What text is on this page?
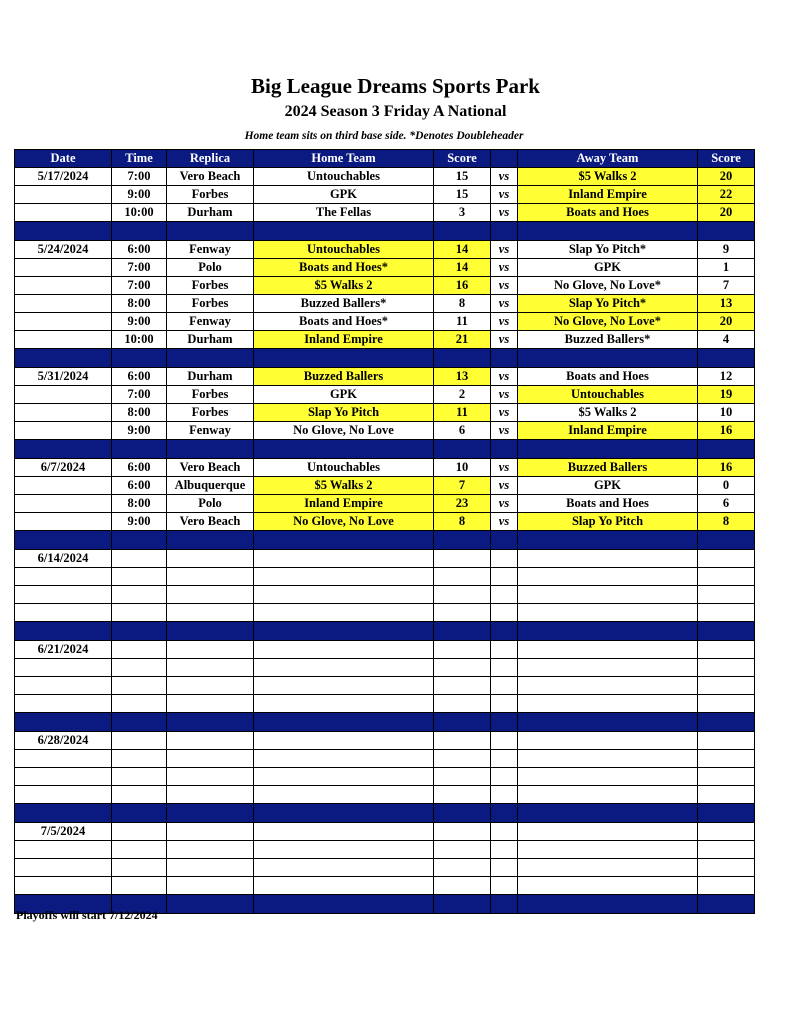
Big League Dreams Sports Park
2024 Season 3 Friday A National
Home team sits on third base side. *Denotes Doubleheader
Date	Time	Replica	Home Team	Score		Away Team	Score
5/17/2024	7:00	Vero Beach	Untouchables	15	vs	$5 Walks 2	20
	9:00	Forbes	GPK	15	vs	Inland Empire	22
	10:00	Durham	The Fellas	3	vs	Boats and Hoes	20

5/24/2024	6:00	Fenway	Untouchables	14	vs	Slap Yo Pitch*	9
	7:00	Polo	Boats and Hoes*	14	vs	GPK	1
	7:00	Forbes	$5 Walks 2	16	vs	No Glove, No Love*	7
	8:00	Forbes	Buzzed Ballers*	8	vs	Slap Yo Pitch*	13
	9:00	Fenway	Boats and Hoes*	11	vs	No Glove, No Love*	20
	10:00	Durham	Inland Empire	21	vs	Buzzed Ballers*	4

5/31/2024	6:00	Durham	Buzzed Ballers	13	vs	Boats and Hoes	12
	7:00	Forbes	GPK	2	vs	Untouchables	19
	8:00	Forbes	Slap Yo Pitch	11	vs	$5 Walks 2	10
	9:00	Fenway	No Glove, No Love	6	vs	Inland Empire	16

6/7/2024	6:00	Vero Beach	Untouchables	10	vs	Buzzed Ballers	16
	6:00	Albuquerque	$5 Walks 2	7	vs	GPK	0
	8:00	Polo	Inland Empire	23	vs	Boats and Hoes	6
	9:00	Vero Beach	No Glove, No Love	8	vs	Slap Yo Pitch	8

6/14/2024							

6/21/2024							

6/28/2024							

7/5/2024							

Playoffs will start 7/12/2024
